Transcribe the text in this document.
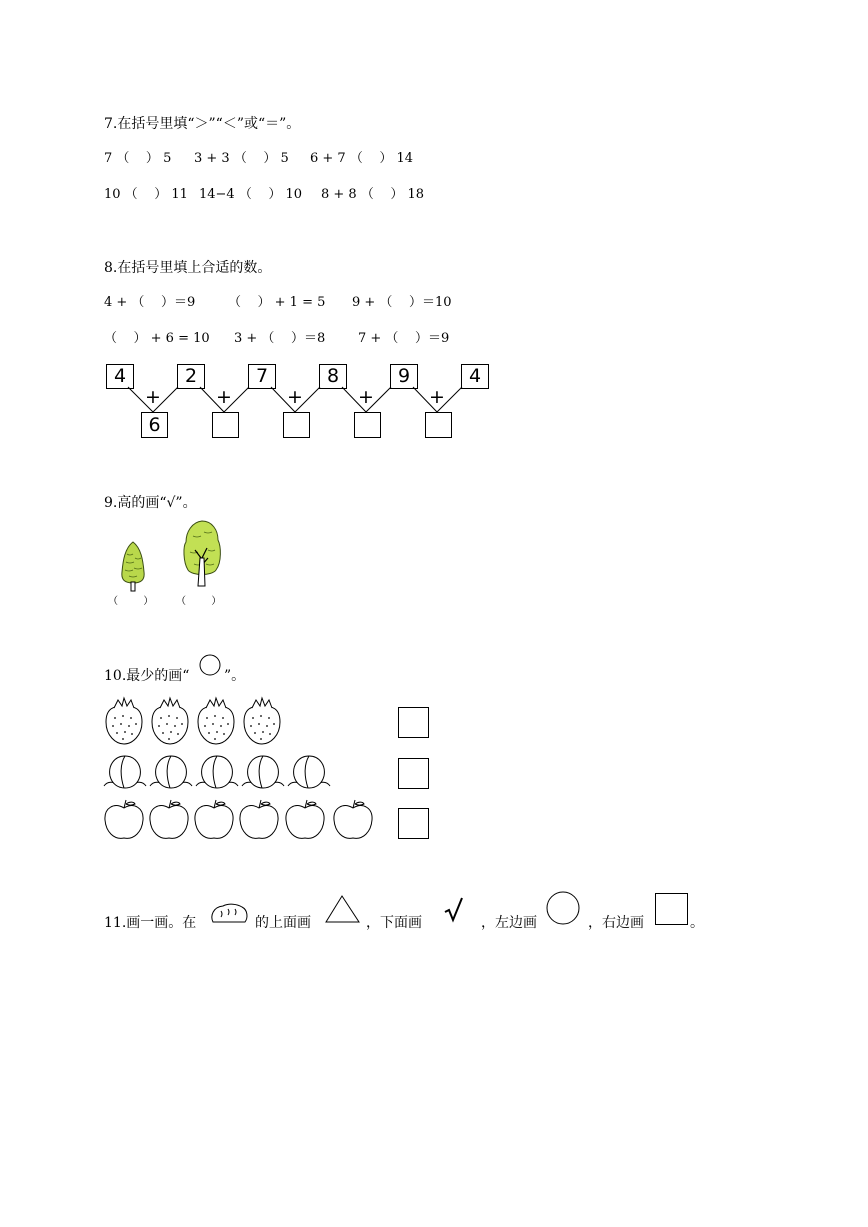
7.在括号里填“＞”“＜”或“＝”。
7 （    ） 5 3 + 3 （    ） 5 6 + 7 （    ） 14
10 （    ） 11 14−4 （    ） 10 8 + 8 （    ） 18
8.在括号里填上合适的数。
4 + （    ）＝9	（    ） + 1 = 5 9 + （    ）＝10
（    ） + 6 = 10 3 + （    ）＝8	7 + （    ）＝9
4	2	7	8	9	4
+	+	+	+	+
6
9.高的画“√”。
（        ） （        ）
10.最少的画“ ”。
11.画一画。在	的上面画	，下面画	，左边画	，右边画	。
